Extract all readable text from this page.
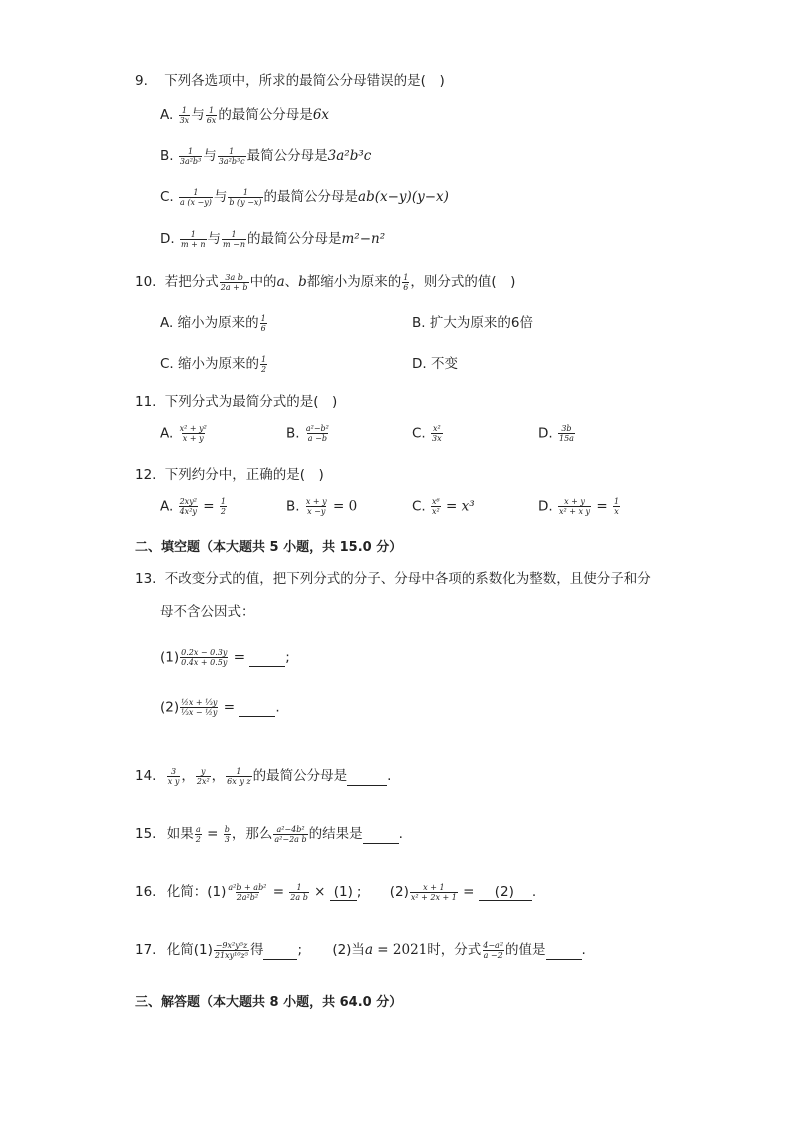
9. 下列各选项中，所求的最简公分母错误的是(　)
A. $\frac{1}{3x}$ 与 $\frac{1}{6x}$ 的最简公分母是6x
B. $\frac{1}{\text{3a²b³}}$ 与 $\frac{1}{\text{3a²b³c}}$ 最简公分母是3a²b³c
C. $\frac{1}{a (x -y)}$ 与 $\frac{1}{b (y -x)}$ 的最简公分母是ab(x−y)(y−x)
D. $\frac{1}{m + n}$ 与 $\frac{1}{m -n}$ 的最简公分母是m²−n²
10. 若把分式 $\frac{\text{3a b}}{2a + b}$ 中的a、b都缩小为原来的 $\frac{1}{6}$ ，则分式的值(　)
A. 缩小为原来的 $\frac{1}{6}$	B. 扩大为原来的6倍
C. 缩小为原来的 $\frac{1}{2}$	D. 不变
11. 下列分式为最简分式的是(　)
A. $\frac{\text{x² + y²}}{x + y}$	B. $\frac{\text{a²−b²}}{a -b}$	C. $\frac{\text{x²}}{3x}$	D. $\frac{3b}{15a}$
12. 下列约分中，正确的是(　)
A. $\frac{\text{2xy²}}{\text{4x²y}} = \frac{1}{2}$	B. $\frac{x + y}{x -y} = 0$	C. $\frac{\text{x⁶}}{\text{x²}} = x^3$	D. $\frac{x + y}{\text{x² + x y}} = \frac{1}{x}$
二、填空题（本大题共 5 小题，共 15.0 分）
13. 不改变分式的值，把下列分式的分子、分母中各项的系数化为整数，且使分子和分
母不含公因式：
$(1) \frac{0.2x - 0.3y}{0.4x + 0.5y}$ =	;
$(2) \frac{\text{½x + ⅓y}}{\text{⅓x − ½y}}$ =	.
14. $\frac{3}{\text{x y}}$ ， $\frac{y}{\text{2x²}}$ ， $\frac{1}{\text{6x y z}}$ 的最简公分母是	.
15. 如果 $\frac{a}{2} = \frac{b}{3}$ ，那么 $\frac{\text{a²−4b²}}{\text{a²−2a b}}$ 的结果是	.
16. 化简：$(1) \frac{\text{a²b + ab²}}{\text{2a²b²}} = \frac{1}{\text{2a b}} \times (1)$ ; $(2) \frac{x + 1}{\text{x² + 2x + 1}} = (2)$ .
17. 化简$(1) \frac{\text{−9x²y⁵z}}{\text{21xy¹⁰z⁵}}$ 得	; (2)当a = 2021时，分式 $\frac{\text{4−a²}}{a -2}$ 的值是	.
三、解答题（本大题共 8 小题，共 64.0 分）
